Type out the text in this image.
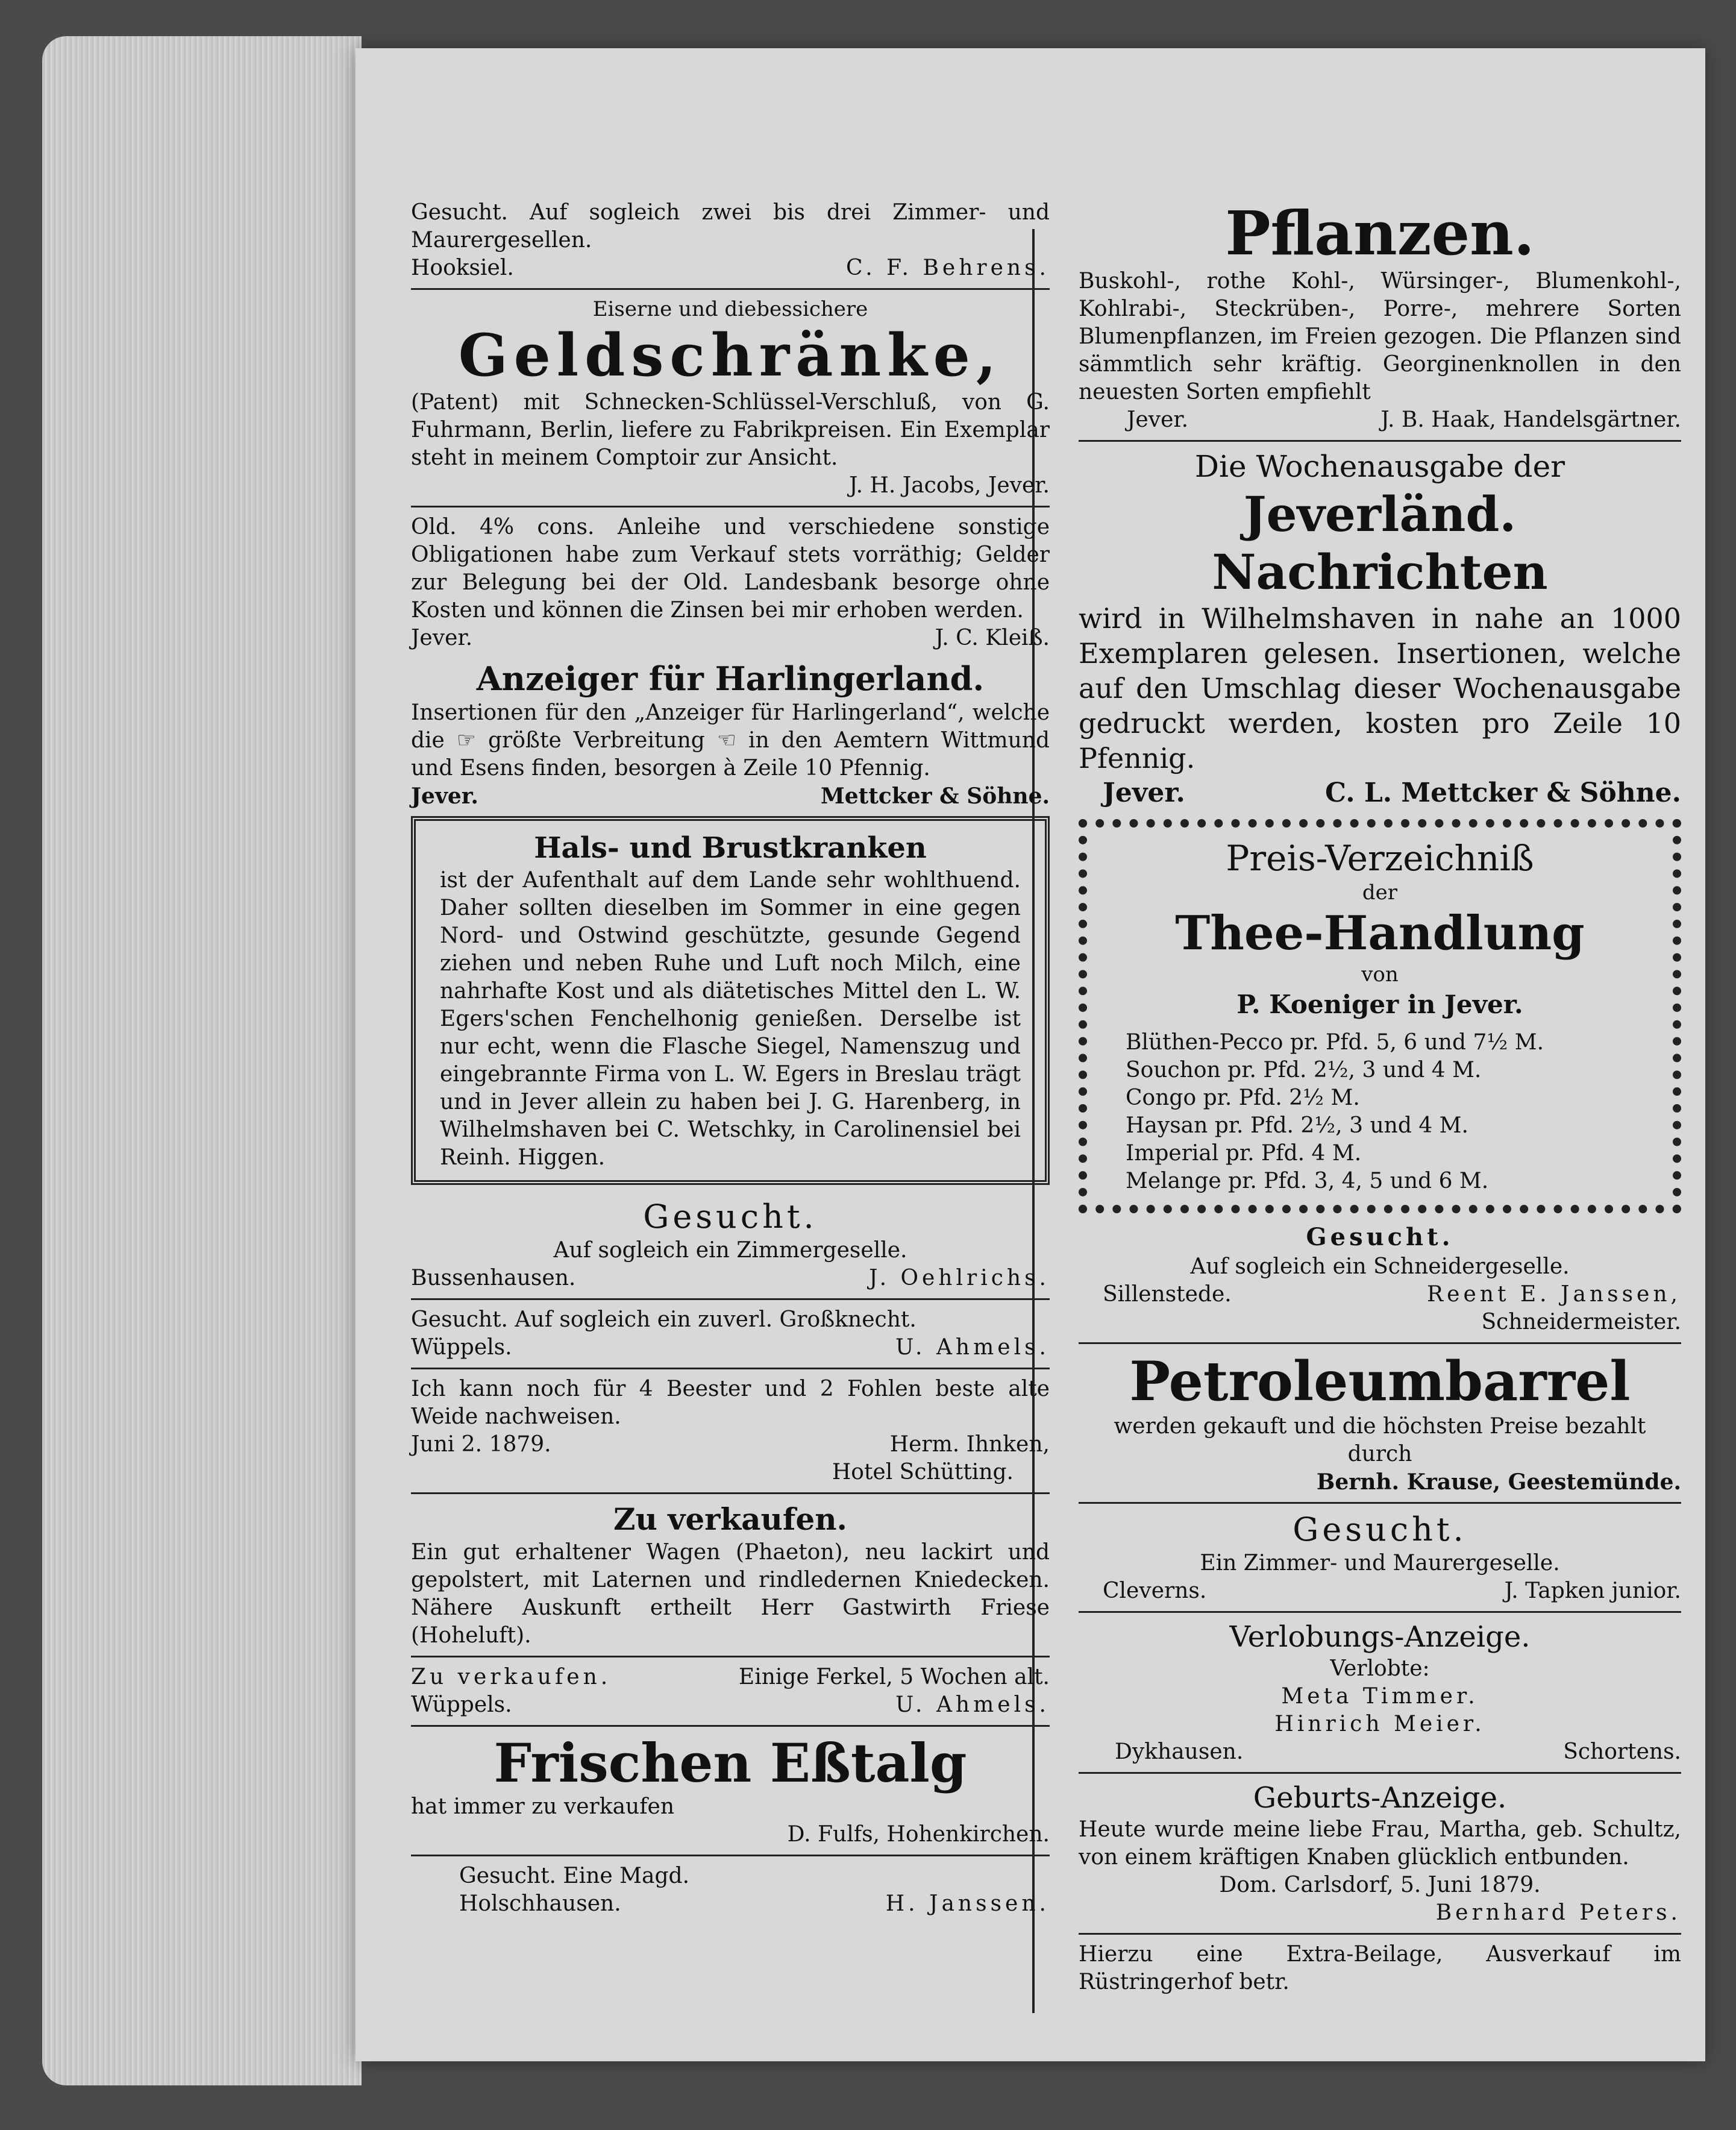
Gesucht. Auf sogleich zwei bis drei Zimmer- und Maurergesellen.
Hooksiel.	C. F. Behrens.
Eiserne und diebessichere
Geldschränke,
(Patent) mit Schnecken-Schlüssel-Verschluß, von G. Fuhrmann, Berlin, liefere zu Fabrikpreisen. Ein Exemplar steht in meinem Comptoir zur Ansicht.
J. H. Jacobs, Jever.
Old. 4% cons. Anleihe und verschiedene sonstige Obligationen habe zum Verkauf stets vorräthig; Gelder zur Belegung bei der Old. Landesbank besorge ohne Kosten und können die Zinsen bei mir erhoben werden.
Jever.	J. C. Kleiß.
Anzeiger für Harlingerland.
Insertionen für den „Anzeiger für Harlingerland“, welche die ☞ größte Verbreitung ☜ in den Aemtern Wittmund und Esens finden, besorgen à Zeile 10 Pfennig.
Jever.	Mettcker & Söhne.
Hals- und Brustkranken
ist der Aufenthalt auf dem Lande sehr wohlthuend. Daher sollten dieselben im Sommer in eine gegen Nord- und Ostwind geschützte, gesunde Gegend ziehen und neben Ruhe und Luft noch Milch, eine nahrhafte Kost und als diätetisches Mittel den L. W. Egers'schen Fenchelhonig genießen. Derselbe ist nur echt, wenn die Flasche Siegel, Namenszug und eingebrannte Firma von L. W. Egers in Breslau trägt und in Jever allein zu haben bei J. G. Harenberg, in Wilhelmshaven bei C. Wetschky, in Carolinensiel bei Reinh. Higgen.
Gesucht.
Auf sogleich ein Zimmergeselle.
Bussenhausen.	J. Oehlrichs.
Gesucht. Auf sogleich ein zuverl. Großknecht.
Wüppels.	U. Ahmels.
Ich kann noch für 4 Beester und 2 Fohlen beste alte Weide nachweisen.
Juni 2. 1879.	Herm. Ihnken,
Hotel Schütting.
Zu verkaufen.
Ein gut erhaltener Wagen (Phaeton), neu lackirt und gepolstert, mit Laternen und rindledernen Kniedecken. Nähere Auskunft ertheilt Herr Gastwirth Friese (Hoheluft).
Zu verkaufen.	Einige Ferkel, 5 Wochen alt.
Wüppels.	U. Ahmels.
Frischen Eßtalg
hat immer zu verkaufen
D. Fulfs, Hohenkirchen.
Gesucht. Eine Magd.
Holschhausen.	H. Janssen.
Pflanzen.
Buskohl-, rothe Kohl-, Würsinger-, Blumenkohl-, Kohlrabi-, Steckrüben-, Porre-, mehrere Sorten Blumenpflanzen, im Freien gezogen. Die Pflanzen sind sämmtlich sehr kräftig. Georginenknollen in den neuesten Sorten empfiehlt
Jever.	J. B. Haak, Handelsgärtner.
Die Wochenausgabe der
Jeverländ. Nachrichten
wird in Wilhelmshaven in nahe an 1000 Exemplaren gelesen. Insertionen, welche auf den Umschlag dieser Wochenausgabe gedruckt werden, kosten pro Zeile 10 Pfennig.
Jever.	C. L. Mettcker & Söhne.
Preis-Verzeichniß
der
Thee-Handlung
von
P. Koeniger in Jever.
Blüthen-Pecco pr. Pfd. 5, 6 und 7½ M.
Souchon pr. Pfd. 2½, 3 und 4 M.
Congo pr. Pfd. 2½ M.
Haysan pr. Pfd. 2½, 3 und 4 M.
Imperial pr. Pfd. 4 M.
Melange pr. Pfd. 3, 4, 5 und 6 M.
Gesucht.
Auf sogleich ein Schneidergeselle.
Sillenstede.	Reent E. Janssen,
Schneidermeister.
Petroleumbarrel
werden gekauft und die höchsten Preise bezahlt durch
Bernh. Krause, Geestemünde.
Gesucht.
Ein Zimmer- und Maurergeselle.
Cleverns.	J. Tapken junior.
Verlobungs-Anzeige.
Verlobte:
Meta Timmer.
Hinrich Meier.
Dykhausen.	Schortens.
Geburts-Anzeige.
Heute wurde meine liebe Frau, Martha, geb. Schultz, von einem kräftigen Knaben glücklich entbunden.
Dom. Carlsdorf, 5. Juni 1879.
Bernhard Peters.
Hierzu eine Extra-Beilage, Ausverkauf im Rüstringerhof betr.
